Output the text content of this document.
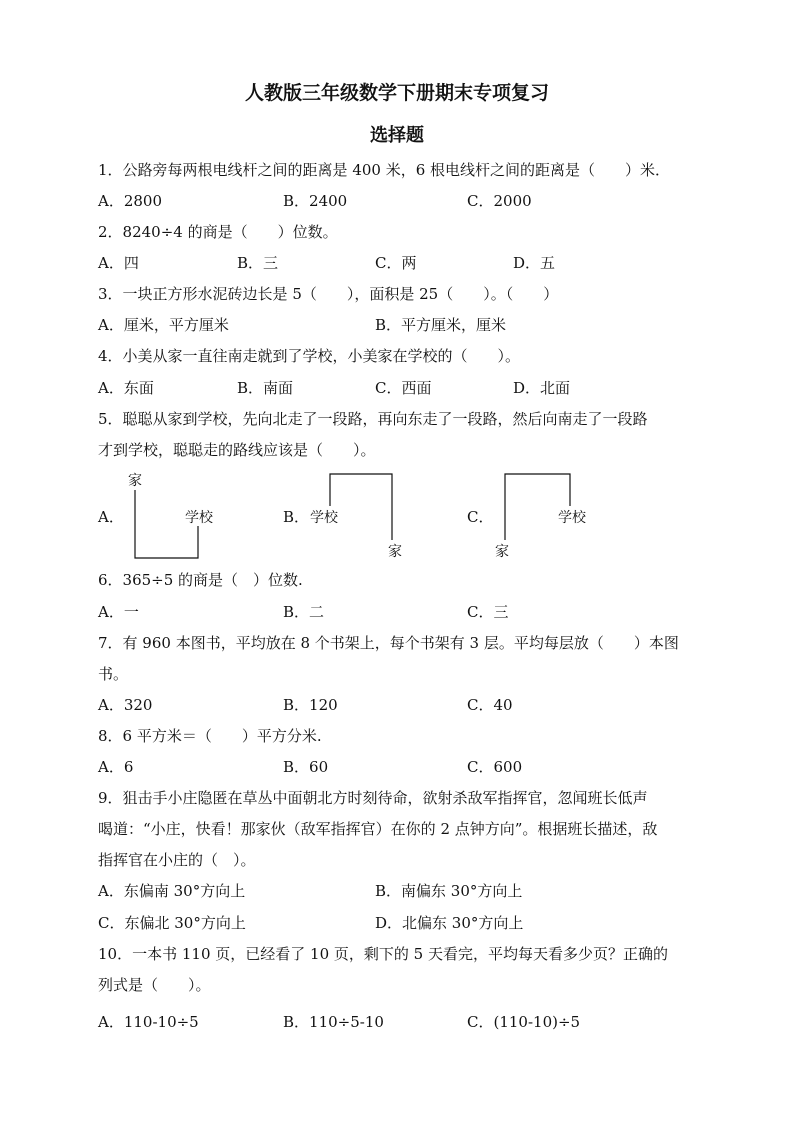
人教版三年级数学下册期末专项复习
选择题
1．公路旁每两根电线杆之间的距离是 400 米，6 根电线杆之间的距离是（　　）米．
A．2800	B．2400	C．2000
2．8240÷4 的商是（　　）位数。
A．四	B．三	C．两	D．五
3．一块正方形水泥砖边长是 5（　　），面积是 25（　　）。（　　）
A．厘米，平方厘米	B．平方厘米，厘米
4．小美从家一直往南走就到了学校，小美家在学校的（　　）。
A．东面	B．南面	C．西面	D．北面
5．聪聪从家到学校，先向北走了一段路，再向东走了一段路，然后向南走了一段路
才到学校，聪聪走的路线应该是（　　）。
A．	B．	C．
家
学校	学校
家	家
学校
6．365÷5 的商是（　）位数.
A．一	B．二	C．三
7．有 960 本图书，平均放在 8 个书架上，每个书架有 3 层。平均每层放（　　）本图
书。
A．320	B．120	C．40
8．6 平方米＝（　　）平方分米.
A．6	B．60	C．600
9．狙击手小庄隐匿在草丛中面朝北方时刻待命，欲射杀敌军指挥官，忽闻班长低声
喝道：“小庄，快看！那家伙（敌军指挥官）在你的 2 点钟方向”。根据班长描述，敌
指挥官在小庄的（　）。
A．东偏南 30°方向上	B．南偏东 30°方向上
C．东偏北 30°方向上	D．北偏东 30°方向上
10．一本书 110 页，已经看了 10 页，剩下的 5 天看完，平均每天看多少页？正确的
列式是（　　）。
A．110-10÷5	B．110÷5-10	C．(110-10)÷5
